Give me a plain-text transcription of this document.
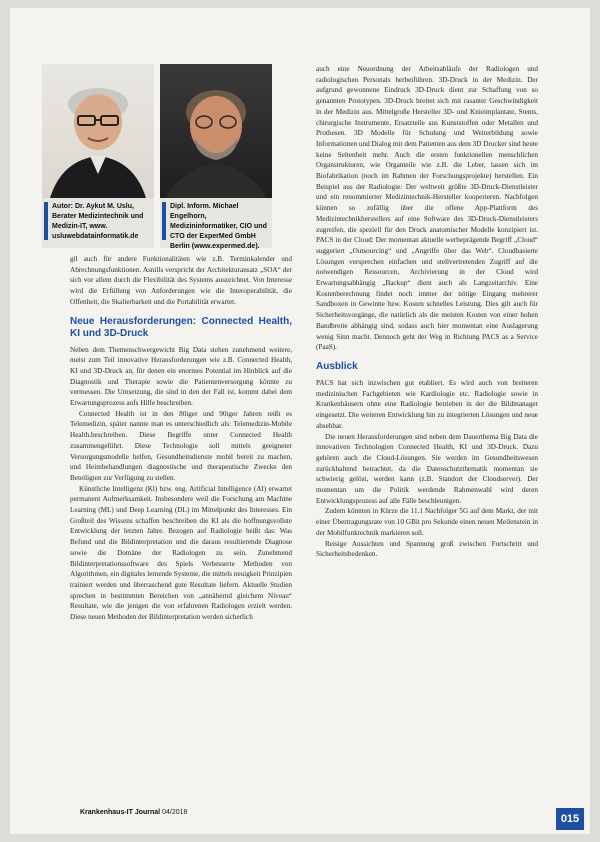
Autor: Dr. Aykut M. Uslu, Berater Medizintechnik und Medizin-IT, www. usluwebdatainformatik.de
Dipl. Inform. Michael Engelhorn, Medizininformatiker, CIO und CTO der ExperMed GmbH Berlin (www.expermed.de).

gil auch für andere Funktionalitäten wie z.B. Terminkalender und Abrechnungsfunktionen. Asnills verspricht der Architekturansatz „SOA“ der sich vor allem durch die Flexibilität des Systems auszeichnet. Von Interesse wird die Erfüllung von Anforderungen wie die Interoperabilität, die Offenheit, die Skalierbarkeit und die Portabilität erwartet.

Neue Herausforderungen: Connected Health, KI und 3D-Druck

Neben dem Themenschwergewicht Big Data stehen zunehmend weitere, meist zum Teil innovative Herausforderungen wie z.B. Connected Health, KI und 3D-Druck an, für denen ein enormes Potential im Hinblick auf die Diagnostik und Therapie sowie die Patientenversorgung könnte zu vermessen. Die Umsetzung, die sind in den der Fall ist, kommt dabei dem Erwartungsprozess aufs Hilfe beschreiben.

Connected Health ist in den 80iger und 90iger Jahren reißt es Telemedizin, später nannte man es unterschiedlich als: Telemedizin-Mobile Health.beschreiben. Diese Begriffe unter Connected Health zusammengeführt. Diese Technologie soll mittels geeigneter Versorgungsmodelle helfen, Gesundheitsdienste mobil bereit zu machen, und Heimbehandlungen diagnostische und therapeutische Zwecke den Beteiligten zur Verfügung zu stellen.

Künstliche Intelligenz (Kl) bzw. eng. Artificial Intelligence (AI) erwartet permanent Aufmerksamkeit. Insbesondere weil die Forschung am Machine Learning (ML) und Deep Learning (DL) im Mittelpunkt des Interesses. Ein Großteil des Wissens schaffen beschreiben die KI als die hoffnungsvollste Entwicklung der letzten Jahre. Bezogen auf Radiologie heißt das: Was Befund und die Bildinterpretation und die daraus resultierende Diagnose sowie die Domäne der Radiologen zu sein. Zunehmend Bildinterpretationssoftware des Spiels Verbesserte Methoden von Algorithmen, ein digitales lernende Systeme, die mittels neuigkeit Prinzipien trainiert werden und überraschend gute Resultate liefern. Aktuelle Studien sprechen in bestimmten Bereichen von „annähernd gleichem Niveau“ Resultate, wie die jenigen die von erfahrenen Radiologen erzielt werden. Diese neuen Methoden der Bildinterpretation werden sicherlich

auch eine Neuordnung der Arbeitsabläufe der Radiologen und radiologischen Personals herbeiführen. 3D-Druck in der Medizin. Der aufgrund gewonnene Eindruck 3D-Druck dient zur Schaffung von so genannten Prototypen. 3D-Druck breitet sich mit rasanter Geschwindigkeit in der Medizin aus. Mittelgroße Hersteller 3D- und Knieimplantate, Stents, chirurgische Instrumente, Ersatzteile aus Kunststoffen oder Metallen und Prothesen. 3D Modelle für Schulung und Weiterbildung sowie Informationen und Dialog mit dem Patienten aus dem 3D Drucker sind heute keine Seltenheit mehr. Auch die ersten funktionellen menschlichen Organstrukturen, wie Organteile wie z.B. die Leber, lassen sich im Biofabrikation (noch im Rahmen der Forschungsprojekte) herstellen. Ein Beispiel aus der Radiologie: Der weltweit größte 3D-Druck-Dienstleister und ein renommierter Medizintechnik-Hersteller kooperieren. Nachfolgen können so zufällig über die offene App-Plattform des Medizintechnikherstellers auf eine Software des 3D-Druck-Dienstleisters zugreifen, die speziell für den Druck anatomischer Modelle konzipiert ist. PACS in der Cloud: Der momentan aktuelle werbeprägende Begriff „Cloud“ suggeriert „Outsourcing“ und „Angriffe über das Web“. Cloudbasierte Lösungen versprechen einfachen und stellvertretenden Zugriff auf die notwendigen Ressourcen, Archivierung in der Cloud wird Erwartungsabhängig „Backup“ dient auch als Langzeitarchiv. Eine Kostenberechnung findet noch immer der nötige Eingang mehrerer Sandboxen in Gewinne bzw. Kosten schnelles Leistung. Dies gilt auch für Sicherheitsvorgänge, die natürlich als die meisten Kosten von einer hohen Bandbreite abhängig sind, sodass auch hier momentan eine Auslagerung wenig Sinn macht. Dennoch geht der Weg in Richtung PACS as a Service (PaaS).

Ausblick

PACS hat sich inzwischen gut etabliert. Es wird auch von breiteren medizinischen Fachgebieten wie Kardiologie etc. Radiologie sowie in Krankenhäusern ohne eine Radiologie betrieben in der die Bildmanager eingesetzt. Die weiteren Entwicklung hin zu integrierten Lösungen und neue absehbar.

Die neuen Herausforderungen sind neben dem Dauerthema Big Data die innovativen Technologien Connected Health, KI und 3D-Druck. Dazu gehören auch die Cloud-Lösungen. Sie werden im Gesundheitswesen zurückhaltend betrachtet, da die Datenschutzthematik momentan sie schwierig gelöst, werden kann (z.B. Standort der Cloudserver). Der momentan um die Politik werdende Rahmenwahl wird deren Entwicklungsprozess auf alle Fälle beschleunigen.

Zudem könnten in Kürze die 11.1 Nachfolger 5G auf dem Markt, der mit einer Übertragungsrate von 10 GBit pro Sekunde einen neuen Meilenstein in der Mobilfunktechnik markieren soll.

Reisige Aussichten und Spannung groß zwischen Fortschritt und Sicherheitsbedenken.

Krankenhaus-IT Journal 04/2018
015
